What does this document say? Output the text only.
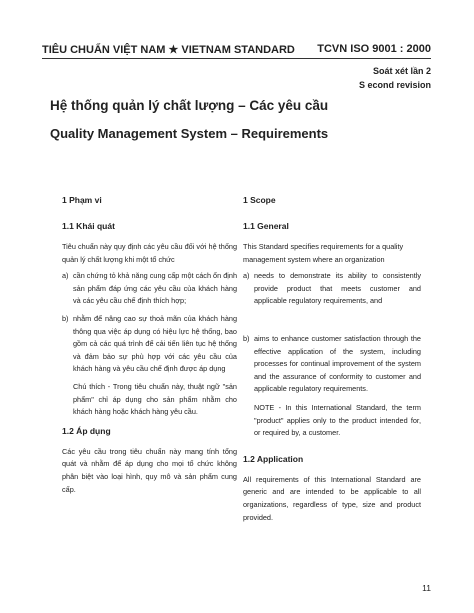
TIÊU CHUẨN VIỆT NAM ★ VIETNAM STANDARD TCVN ISO 9001 : 2000
Soát xét lần 2
S econd revision
Hệ thống quản lý chất lượng – Các yêu cầu
Quality Management System – Requirements
1 Phạm vi
1.1 Khái quát

Tiêu chuẩn này quy định các yêu cầu đối với hệ thống quản lý chất lượng khi một tổ chức

a) cần chứng tỏ khả năng cung cấp một cách ổn định sản phẩm đáp ứng các yêu cầu của khách hàng và các yêu cầu chế định thích hợp;
b) nhằm để nâng cao sự thoả mãn của khách hàng thông qua việc áp dụng có hiệu lực hệ thống, bao gồm cả các quá trình để cải tiến liên tục hệ thống và đảm bảo sự phù hợp với các yêu cầu của khách hàng và yêu cầu chế định được áp dụng

Chú thích - Trong tiêu chuẩn này, thuật ngữ "sản phẩm" chỉ áp dụng cho sản phẩm nhằm cho khách hàng hoặc khách hàng yêu cầu.

1.2 Áp dụng

Các yêu cầu trong tiêu chuẩn này mang tính tổng quát và nhằm để áp dụng cho mọi tổ chức không phân biệt vào loại hình, quy mô và sản phẩm cung cấp.

1 Scope
1.1 General

This Standard specifies requirements for a quality management system where an organization

a) needs to demonstrate its ability to consistently provide product that meets customer and applicable regulatory requirements, and
b) aims to enhance customer satisfaction through the effective application of the system, including processes for continual improvement of the system and the assurance of conformity to customer and applicable regulatory requirements.

NOTE - In this International Standard, the term "product" applies only to the product intended for, or required by, a customer.

1.2 Application

All requirements of this International Standard are generic and are intended to be applicable to all organizations, regardless of type, size and product provided.

11
